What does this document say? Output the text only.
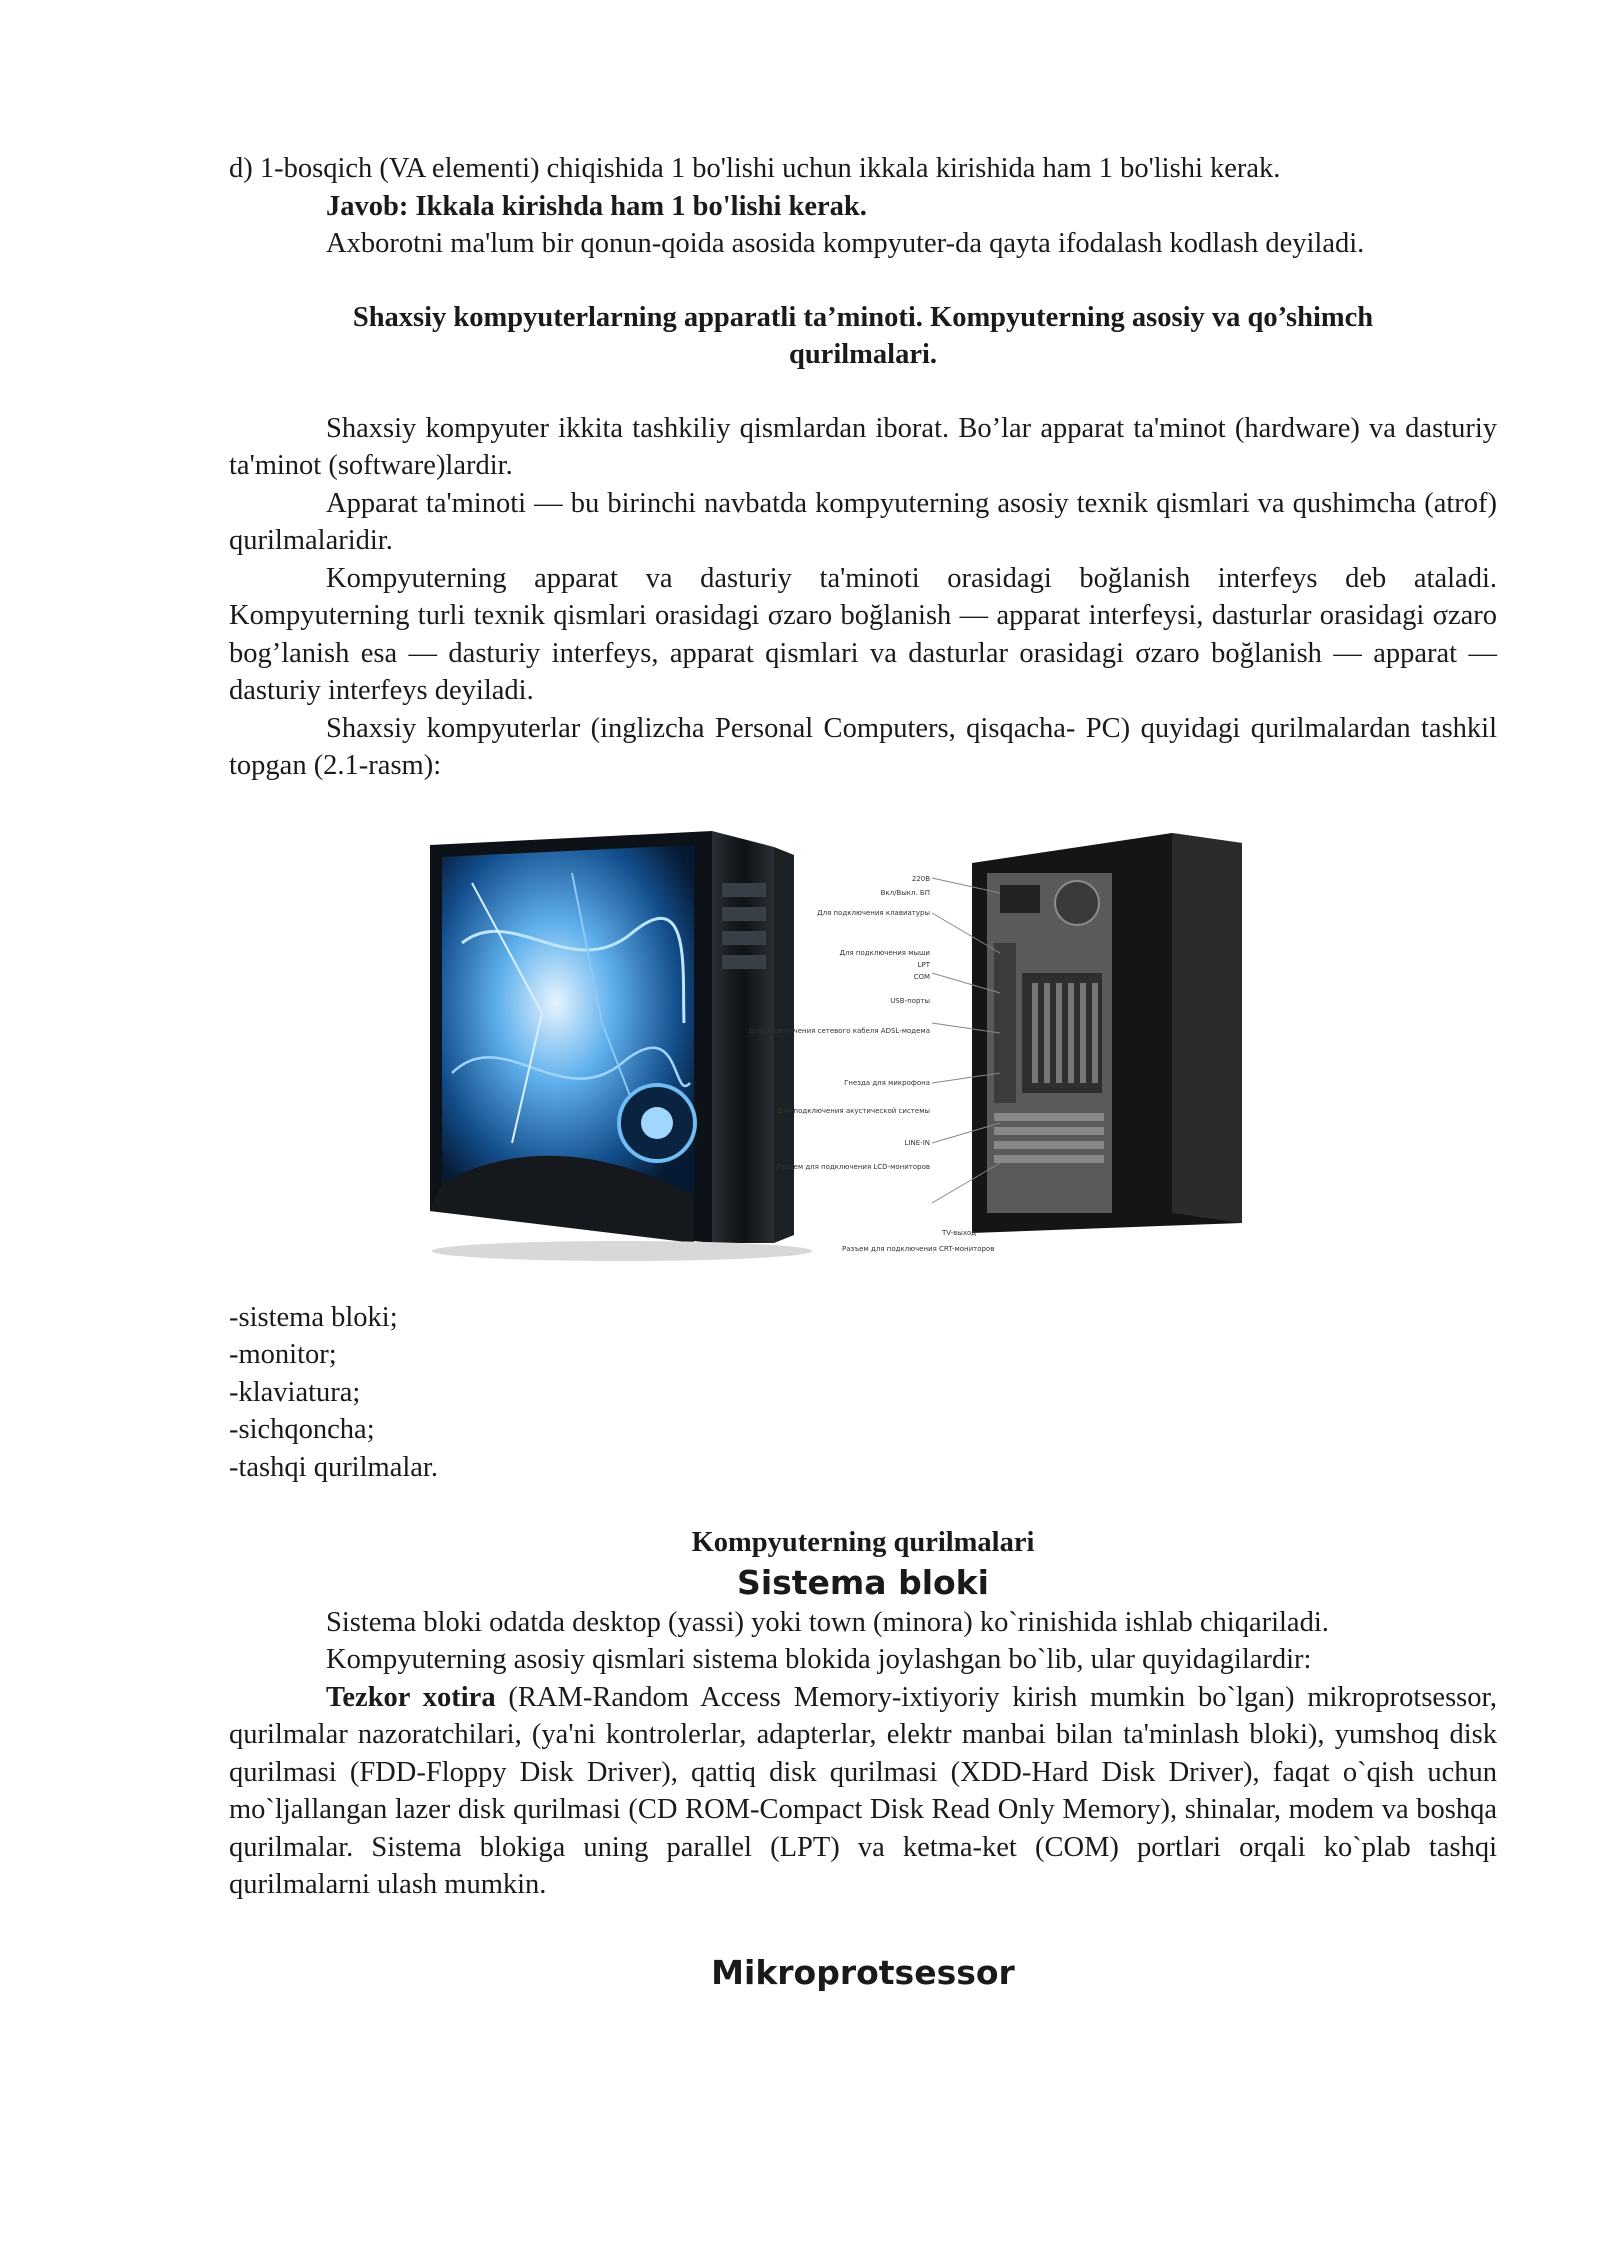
d) 1-bosqich (VA elementi) chiqishida 1 bo'lishi uchun ikkala kirishida ham 1 bo'lishi kerak.

Javob: Ikkala kirishda ham 1 bo'lishi kerak.

Axborotni ma'lum bir qonun-qoida asosida kompyuter-da qayta ifodalash kodlash deyiladi.

Shaxsiy kompyuterlarning apparatli ta’minoti. Kompyuterning asosiy va qo’shimch
qurilmalari.

Shaxsiy kompyuter ikkita tashkiliy qismlardan iborat. Bo’lar apparat ta'minot (hardware) va dasturiy ta'minot (software)lardir.

Apparat ta'minoti — bu birinchi navbatda kompyuterning asosiy texnik qismlari va qushimcha (atrof) qurilmalaridir.

Kompyuterning apparat va dasturiy ta'minoti orasidagi boğlanish interfeys deb ataladi. Kompyuterning turli texnik qismlari orasidagi σzaro boğlanish — apparat interfeysi, dasturlar orasidagi σzaro bog’lanish esa — dasturiy interfeys, apparat qismlari va dasturlar orasidagi σzaro boğlanish — apparat — dasturiy interfeys deyiladi.

Shaxsiy kompyuterlar (inglizcha Personal Computers, qisqacha- PC) quyidagi qurilmalardan tashkil topgan (2.1-rasm):

220B
Вкл/Выкл. БП
Для подключения клавиатуры
Для подключения мыши
LPT
COM
USB-порты
Для подключения сетевого кабеля ADSL-модема
Гнезда для микрофона
Для подключения акустической системы
LINE-IN
Разъем для подключения LCD-мониторов
TV-выход
Разъем для подключения CRT-мониторов

-sistema bloki;

-monitor;

-klaviatura;

-sichqoncha;

-tashqi qurilmalar.

Kompyuterning qurilmalari

Sistema bloki

Sistema bloki odatda desktop (yassi) yoki town (minora) ko`rinishida ishlab chiqariladi.

Kompyuterning asosiy qismlari sistema blokida joylashgan bo`lib, ular quyidagilardir:

Tezkor xotira (RAM-Random Access Memory-ixtiyoriy kirish mumkin bo`lgan) mikroprotsessor, qurilmalar nazoratchilari, (ya'ni kontrolerlar, adapterlar, elektr manbai bilan ta'minlash bloki), yumshoq disk qurilmasi (FDD-Floppy Disk Driver), qattiq disk qurilmasi (XDD-Hard Disk Driver), faqat o`qish uchun mo`ljallangan lazer disk qurilmasi (CD ROM-Compact Disk Read Only Memory), shinalar, modem va boshqa qurilmalar. Sistema blokiga uning parallel (LPT) va ketma-ket (COM) portlari orqali ko`plab tashqi qurilmalarni ulash mumkin.

Mikroprotsessor
